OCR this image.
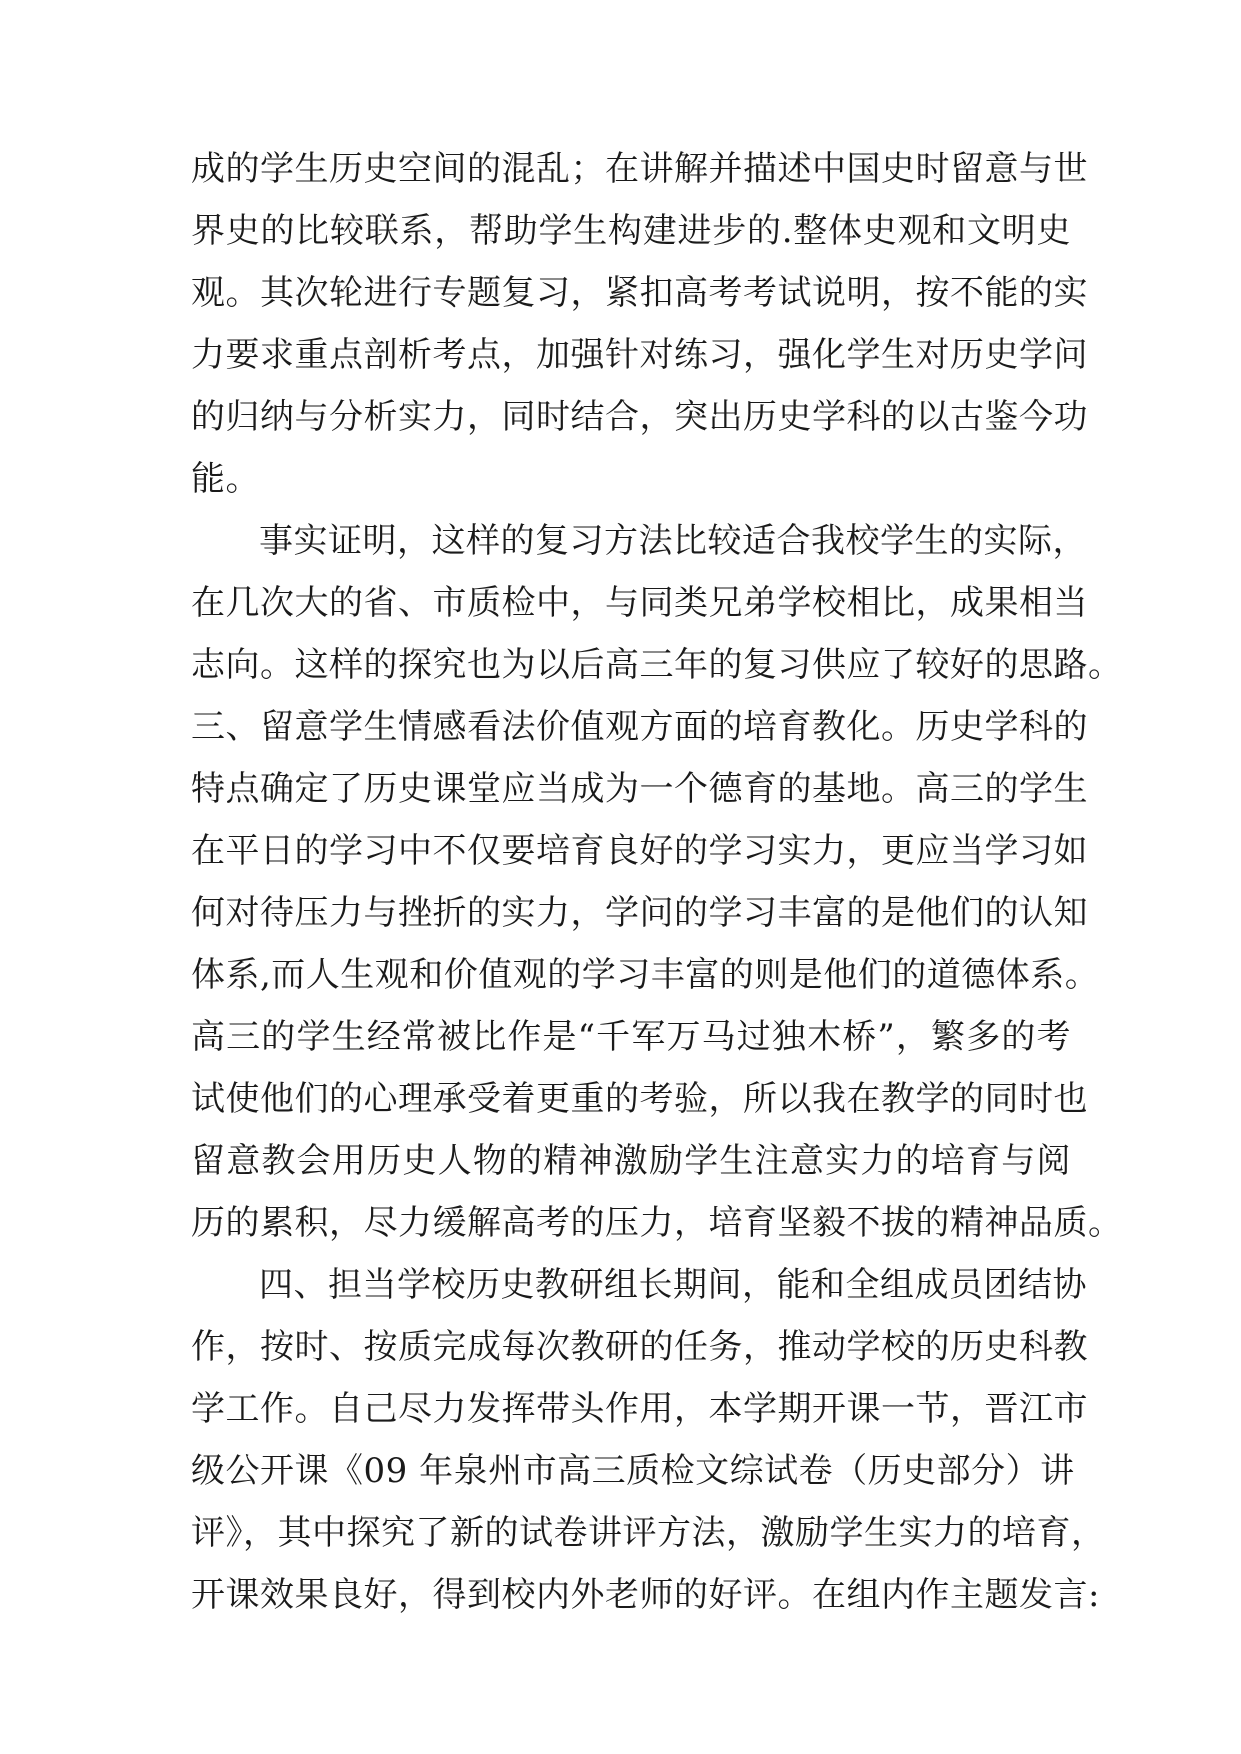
成的学生历史空间的混乱；在讲解并描述中国史时留意与世

界史的比较联系，帮助学生构建进步的.整体史观和文明史

观。其次轮进行专题复习，紧扣高考考试说明，按不能的实

力要求重点剖析考点，加强针对练习，强化学生对历史学问

的归纳与分析实力，同时结合，突出历史学科的以古鉴今功

能。

事实证明，这样的复习方法比较适合我校学生的实际，

在几次大的省、市质检中，与同类兄弟学校相比，成果相当

志向。这样的探究也为以后高三年的复习供应了较好的思路。

三、留意学生情感看法价值观方面的培育教化。历史学科的

特点确定了历史课堂应当成为一个德育的基地。高三的学生

在平日的学习中不仅要培育良好的学习实力，更应当学习如

何对待压力与挫折的实力，学问的学习丰富的是他们的认知

体系,而人生观和价值观的学习丰富的则是他们的道德体系。

高三的学生经常被比作是“千军万马过独木桥”，繁多的考

试使他们的心理承受着更重的考验，所以我在教学的同时也

留意教会用历史人物的精神激励学生注意实力的培育与阅

历的累积，尽力缓解高考的压力，培育坚毅不拔的精神品质。

四、担当学校历史教研组长期间，能和全组成员团结协

作，按时、按质完成每次教研的任务，推动学校的历史科教

学工作。自己尽力发挥带头作用，本学期开课一节，晋江市

级公开课《09 年泉州市高三质检文综试卷（历史部分）讲

评》，其中探究了新的试卷讲评方法，激励学生实力的培育，

开课效果良好，得到校内外老师的好评。在组内作主题发言:
